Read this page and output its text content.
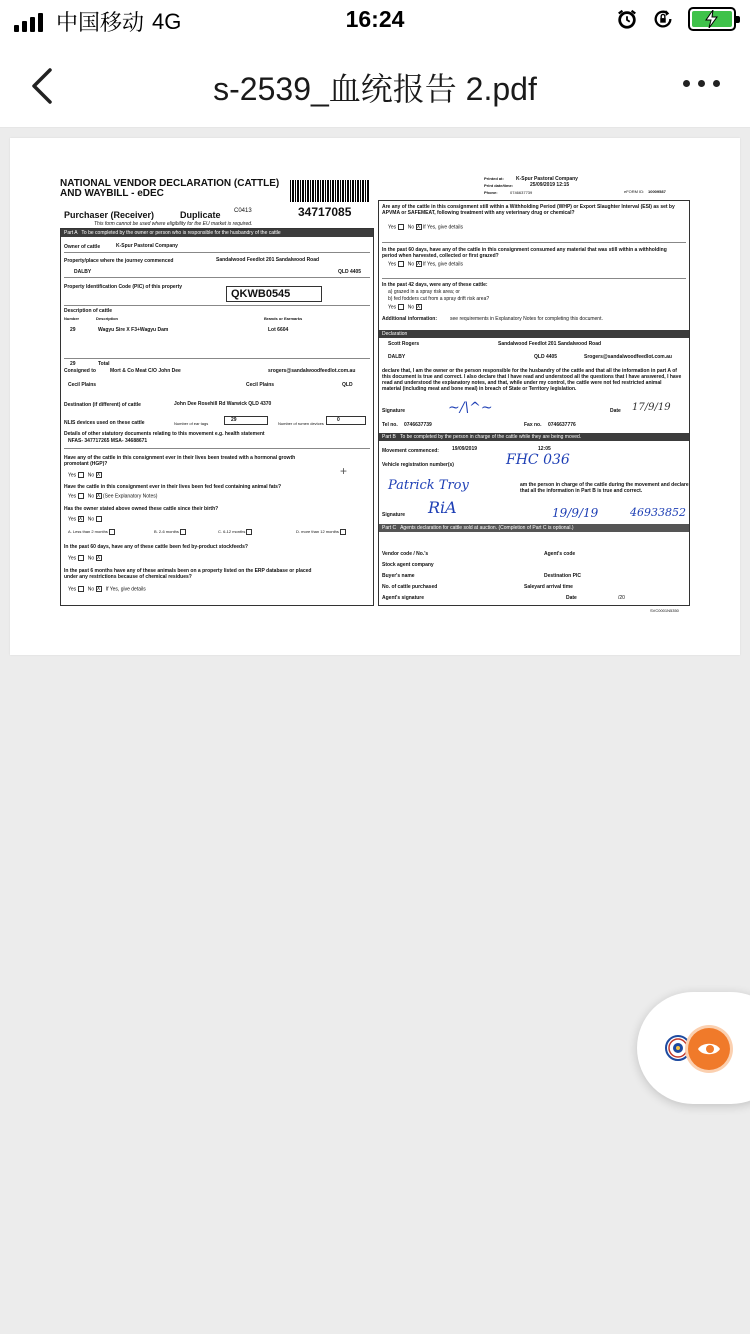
中国移动 4G	16:24
s-2539_血统报告 2.pdf
NATIONAL VENDOR DECLARATION (CATTLE)
AND WAYBILL - eDEC
Purchaser (Receiver)	Duplicate C0413	34717085
This form cannot be used where eligibility for the EU market is required.
Printed at: K-Spur Pastoral Company
Print date/time:	25/09/2019 12:15
Phone:	0746637739	eFORM ID: 10009587
Part A To be completed by the owner or person who is responsible for the husbandry of the cattle
Owner of cattle	K-Spur Pastoral Company
Property/place where the journey commenced	Sandalwood Feedlot 201 Sandalwood Road
DALBY	QLD 4405
Property Identification Code (PIC) of this property
QKWB0545
Description of cattle
Number	Description	Brands or Earmarks
29	Wagyu Sire X F3+Wagyu Dam	Lot 6604
29	Total
Consigned to	Mort & Co Meat C/O John Dee	srogers@sandalwoodfeedlot.com.au
Cecil Plains	Cecil Plains	QLD
Destination (if different) of cattle	John Dee Rosehill Rd Warwick QLD 4370
NLIS devices used on these cattle	Number of ear tags
29
Number of rumen devices
0
Details of other statutory documents relating to this movement e.g. health statement
NFAS- 347717265 MSA- 34688671
Have any of the cattle in this consignment ever in their lives been treated with a hormonal growth promotant (HGP)?
Yes No X	+
Have the cattle in this consignment ever in their lives been fed feed containing animal fats?
Yes No X (See Explanatory Notes)
Has the owner stated above owned these cattle since their birth?
Yes X No
A. Less than 2 months	B. 2-6 months	C. 6-12 months	D. more than 12 months
In the past 60 days, have any of these cattle been fed by-product stockfeeds?
Yes No X
In the past 6 months have any of these animals been on a property listed on the ERP database or placed under any restrictions because of chemical residues?
Yes No X If Yes, give details
Are any of the cattle in this consignment still within a Withholding Period (WHP) or Export Slaughter Interval (ESI) as set by APVMA or SAFEMEAT, following treatment with any veterinary drug or chemical?
Yes No X If Yes, give details
In the past 60 days, have any of the cattle in this consignment consumed any material that was still within a withholding period when harvested, collected or first grazed?
Yes No X If Yes, give details
In the past 42 days, were any of these cattle:
a) grazed in a spray risk area; or
b) fed fodders cut from a spray drift risk area?
Yes No X
Additional information:	see requirements in Explanatory Notes for completing this document.
Declaration
Scott Rogers	Sandalwood Feedlot 201 Sandalwood Road
DALBY	QLD 4405	Srogers@sandalwoodfeedlot.com.au
declare that, I am the owner or the person responsible for the husbandry of the cattle and that all the information in part A of this document is true and correct. I also declare that I have read and understood all the questions that I have answered, I have read and understood the explanatory notes, and that, while under my control, the cattle were not fed restricted animal material (including meat and bone meal) in breach of State or Territory legislation.
Signature	~/\^~	Date 17/9/19
Tel no. 0746637739	Fax no. 0746637776
Part B To be completed by the person in charge of the cattle while they are being moved.
Movement commenced:	19/09/2019	12:05
Vehicle registration number(s)	FHC 036
Patrick Troy	am the person in charge of the cattle during the movement and declare that all the information in Part B is true and correct.
Signature RiA	19/9/19	46933852
Part C Agents declaration for cattle sold at auction. (Completion of Part C is optional.)
Vendor code / No.'s	Agent's code
Stock agent company
Buyer's name	Destination PIC
No. of cattle purchased	Saleyard arrival time
Agent's signature	Date	/20
SVC0001N5350
